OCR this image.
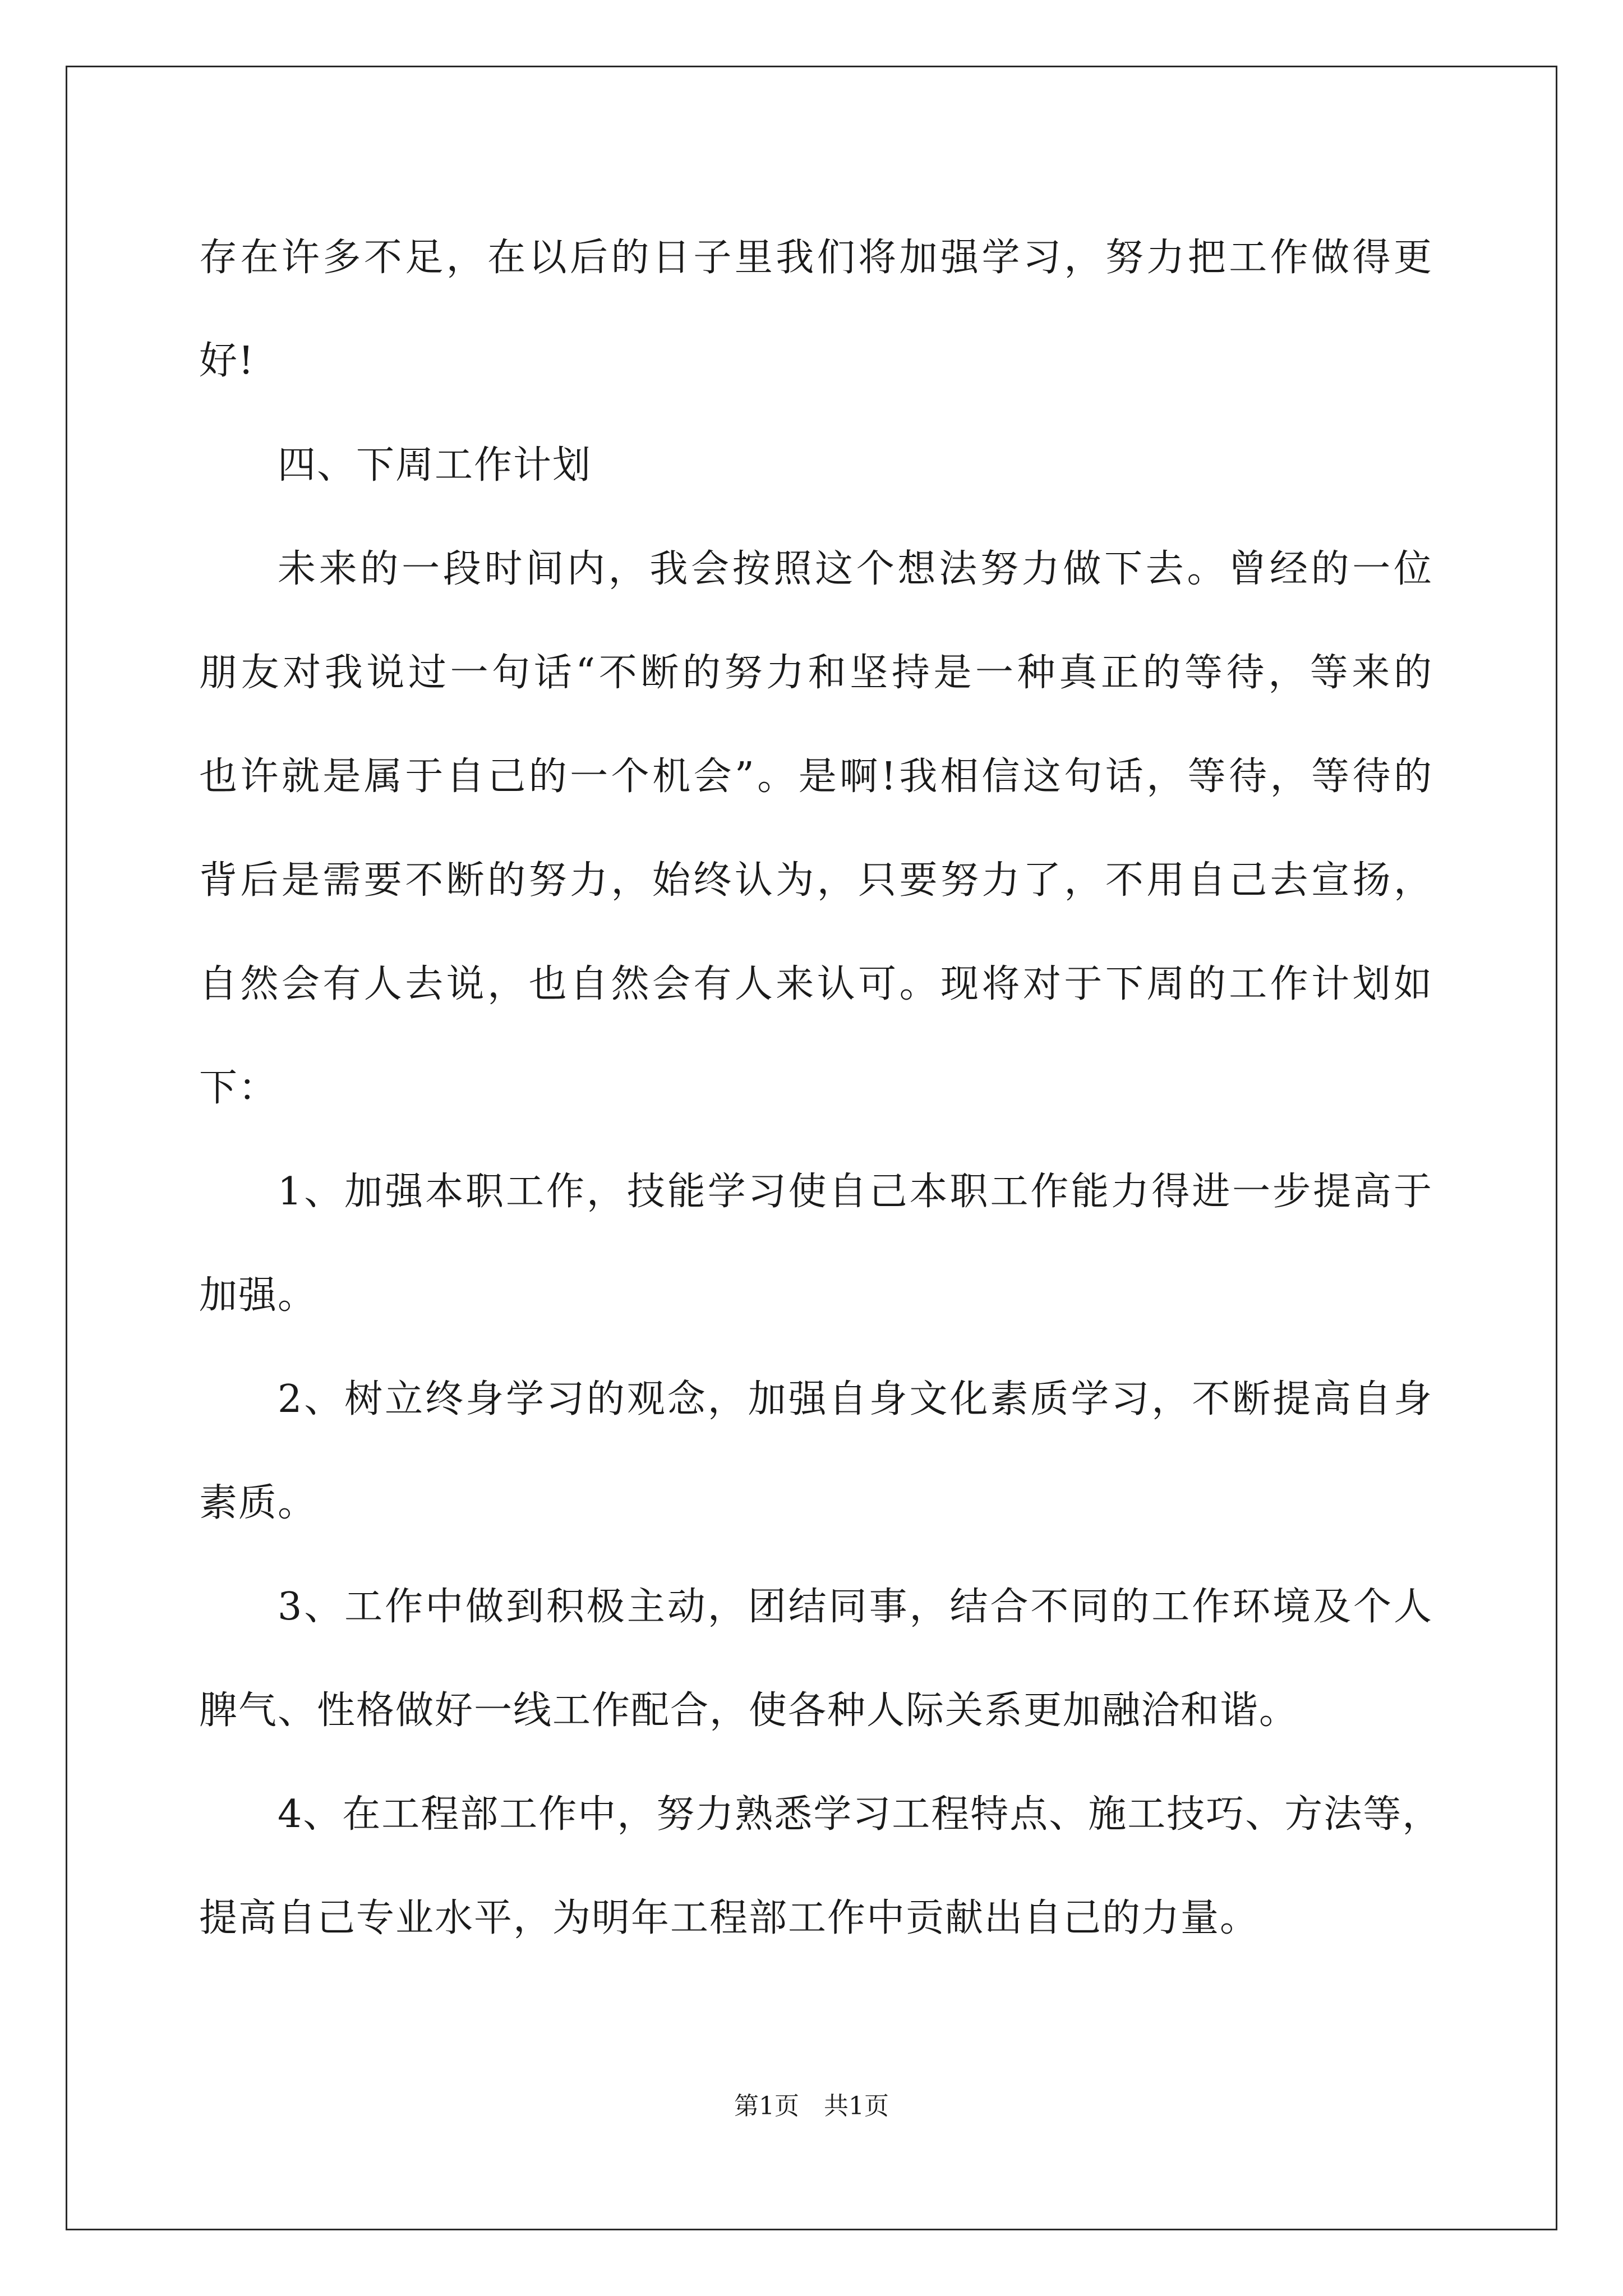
存在许多不足，在以后的日子里我们将加强学习，努力把工作做得更
好!
四、下周工作计划
未来的一段时间内，我会按照这个想法努力做下去。曾经的一位
朋友对我说过一句话“不断的努力和坚持是一种真正的等待，等来的
也许就是属于自己的一个机会”。是啊!我相信这句话，等待，等待的
背后是需要不断的努力，始终认为，只要努力了，不用自己去宣扬，
自然会有人去说，也自然会有人来认可。现将对于下周的工作计划如
下：
1、加强本职工作，技能学习使自己本职工作能力得进一步提高于
加强。
2、树立终身学习的观念，加强自身文化素质学习，不断提高自身
素质。
3、工作中做到积极主动，团结同事，结合不同的工作环境及个人
脾气、性格做好一线工作配合，使各种人际关系更加融洽和谐。
4、在工程部工作中，努力熟悉学习工程特点、施工技巧、方法等，
提高自己专业水平，为明年工程部工作中贡献出自己的力量。
第1页　共1页
